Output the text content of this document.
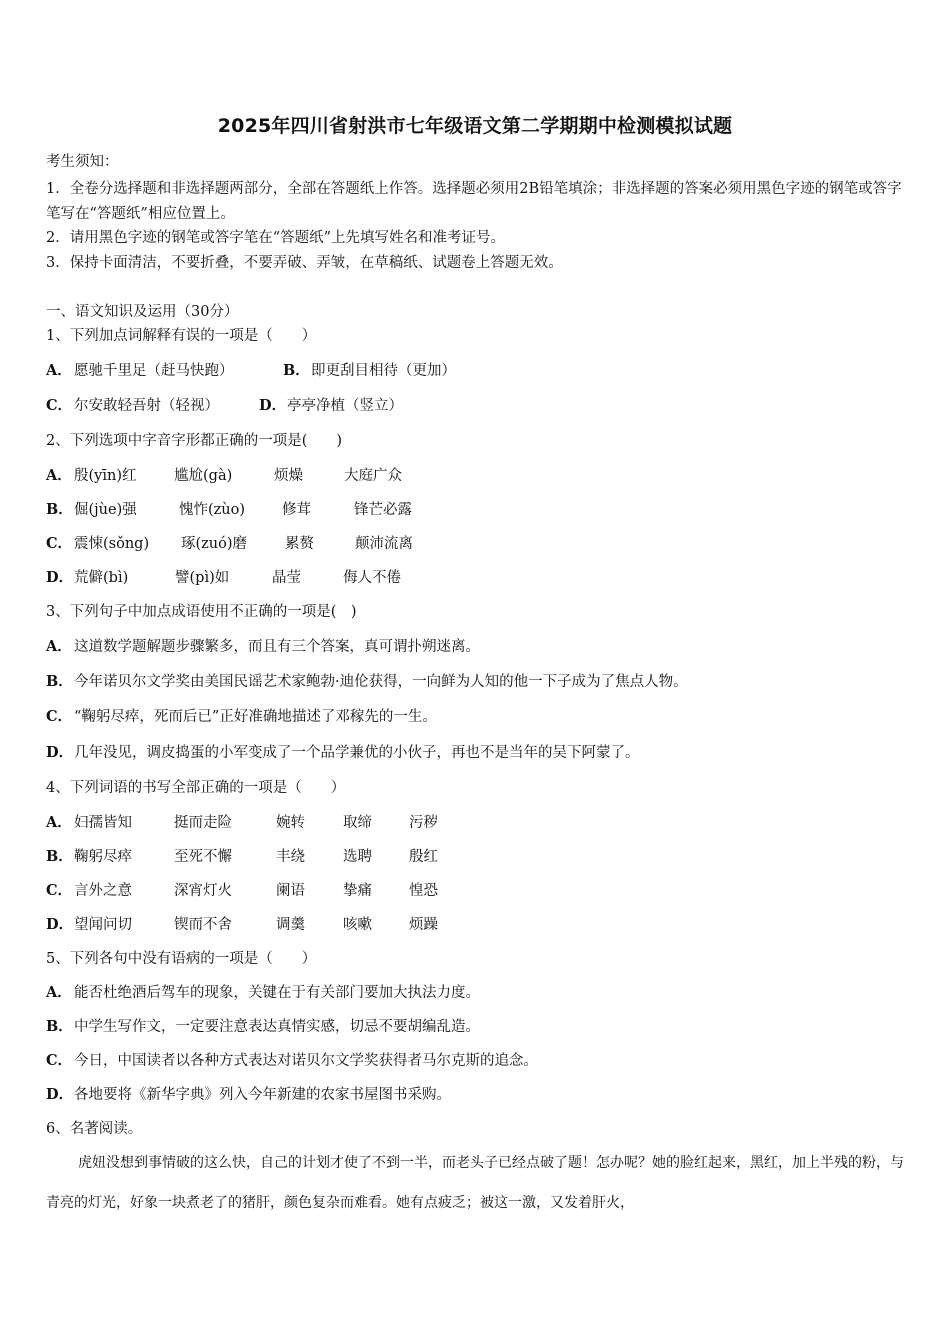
2025年四川省射洪市七年级语文第二学期期中检测模拟试题
考生须知：
1．全卷分选择题和非选择题两部分，全部在答题纸上作答。选择题必须用2B铅笔填涂；非选择题的答案必须用黑色字迹的钢笔或答字笔写在“答题纸”相应位置上。
2．请用黑色字迹的钢笔或答字笔在“答题纸”上先填写姓名和准考证号。
3．保持卡面清洁，不要折叠，不要弄破、弄皱，在草稿纸、试题卷上答题无效。
一、语文知识及运用（30分）
1、下列加点词解释有误的一项是（　　）
A． 愿驰千里足（赶马快跑）	B．即更刮目相待（更加）
C． 尔安敢轻吾射（轻视）	D．亭亭净植（竖立）
2、下列选项中字音字形都正确的一项是(　　)
A． 殷(yīn)红	尴尬(gà)	烦燥	大庭广众
B．倔(jùe)强	愧怍(zùo)	修茸	锋芒必露
C． 震悚(sǒng) 琢(zuó)磨	累赘	颠沛流离
D．荒僻(bì)	譬(pì)如	晶莹	侮人不倦
3、下列句子中加点成语使用不正确的一项是(　)
A． 这道数学题解题步骤繁多，而且有三个答案，真可谓扑朔迷离。
B．今年诺贝尔文学奖由美国民谣艺术家鲍勃·迪伦获得，一向鲜为人知的他一下子成为了焦点人物。
C． “鞠躬尽瘁，死而后已”正好准确地描述了邓稼先的一生。
D．几年没见，调皮捣蛋的小军变成了一个品学兼优的小伙子，再也不是当年的吴下阿蒙了。
4、下列词语的书写全部正确的一项是（　　）
A． 妇孺皆知	挺而走险	婉转	取缔	污秽
B．鞠躬尽瘁	至死不懈	丰绕	选聘	殷红
C． 言外之意	深宵灯火	阑语	挚痛	惶恐
D．望闻问切	锲而不舍	调羹	咳嗽	烦躁
5、下列各句中没有语病的一项是（　　）
A． 能否杜绝酒后驾车的现象，关键在于有关部门要加大执法力度。
B．中学生写作文，一定要注意表达真情实感，切忌不要胡编乱造。
C． 今日，中国读者以各种方式表达对诺贝尔文学奖获得者马尔克斯的追念。
D．各地要将《新华字典》列入今年新建的农家书屋图书采购。
6、名著阅读。
虎妞没想到事情破的这么快，自己的计划才使了不到一半，而老头子已经点破了题！怎办呢？她的脸红起来，黑红，加上半残的粉，与青亮的灯光，好象一块煮老了的猪肝，颜色复杂而难看。她有点疲乏；被这一激，又发着肝火，
